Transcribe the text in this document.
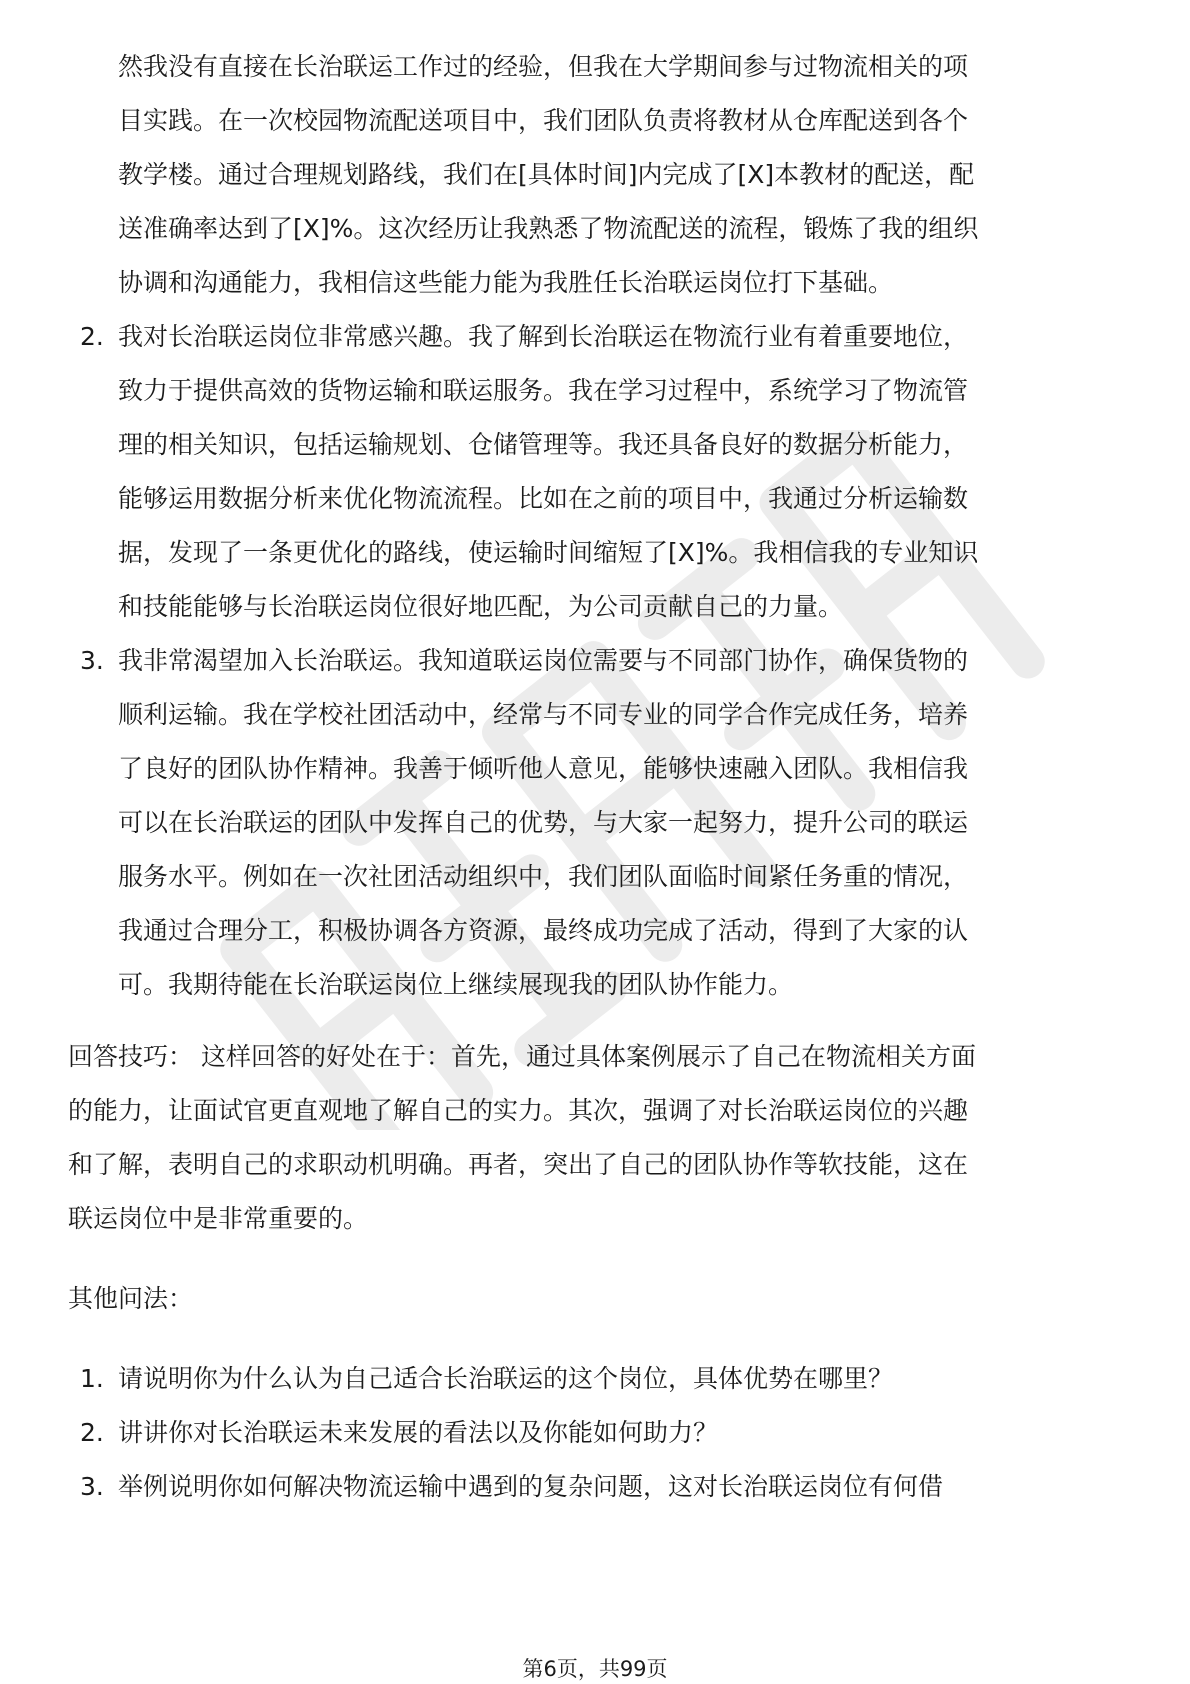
然我没有直接在长治联运工作过的经验，但我在大学期间参与过物流相关的项
目实践。在一次校园物流配送项目中，我们团队负责将教材从仓库配送到各个
教学楼。通过合理规划路线，我们在[具体时间]内完成了[X]本教材的配送，配
送准确率达到了[X]%。这次经历让我熟悉了物流配送的流程，锻炼了我的组织
协调和沟通能力，我相信这些能力能为我胜任长治联运岗位打下基础。
2. 我对长治联运岗位非常感兴趣。我了解到长治联运在物流行业有着重要地位，
致力于提供高效的货物运输和联运服务。我在学习过程中，系统学习了物流管
理的相关知识，包括运输规划、仓储管理等。我还具备良好的数据分析能力，
能够运用数据分析来优化物流流程。比如在之前的项目中，我通过分析运输数
据，发现了一条更优化的路线，使运输时间缩短了[X]%。我相信我的专业知识
和技能能够与长治联运岗位很好地匹配，为公司贡献自己的力量。
3. 我非常渴望加入长治联运。我知道联运岗位需要与不同部门协作，确保货物的
顺利运输。我在学校社团活动中，经常与不同专业的同学合作完成任务，培养
了良好的团队协作精神。我善于倾听他人意见，能够快速融入团队。我相信我
可以在长治联运的团队中发挥自己的优势，与大家一起努力，提升公司的联运
服务水平。例如在一次社团活动组织中，我们团队面临时间紧任务重的情况，
我通过合理分工，积极协调各方资源，最终成功完成了活动，得到了大家的认
可。我期待能在长治联运岗位上继续展现我的团队协作能力。
回答技巧： 这样回答的好处在于：首先，通过具体案例展示了自己在物流相关方面
的能力，让面试官更直观地了解自己的实力。其次，强调了对长治联运岗位的兴趣
和了解，表明自己的求职动机明确。再者，突出了自己的团队协作等软技能，这在
联运岗位中是非常重要的。
其他问法：
1. 请说明你为什么认为自己适合长治联运的这个岗位，具体优势在哪里？
2. 讲讲你对长治联运未来发展的看法以及你能如何助力？
3. 举例说明你如何解决物流运输中遇到的复杂问题，这对长治联运岗位有何借
第6页，共99页
